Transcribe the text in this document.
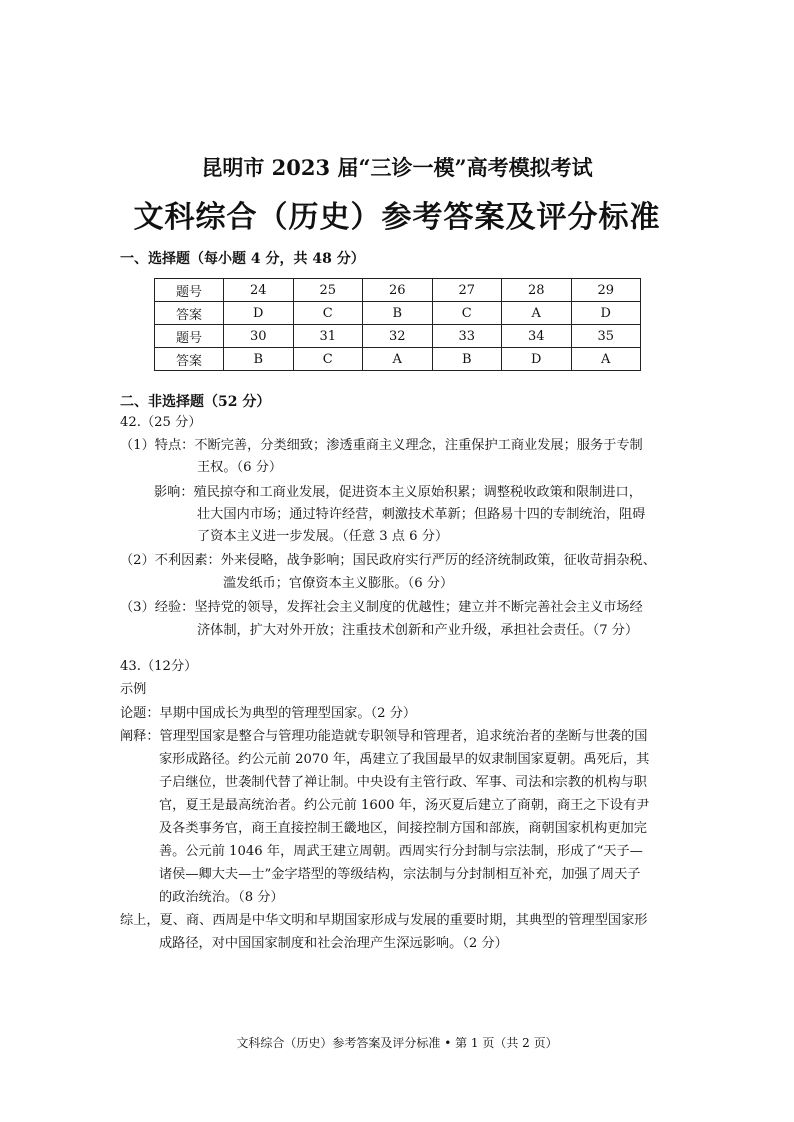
昆明市 2023 届“三诊一模”高考模拟考试
文科综合（历史）参考答案及评分标准
一、选择题（每小题 4 分，共 48 分）
题号	24	25	26	27	28	29
答案	D	C	B	C	A	D
题号	30	31	32	33	34	35
答案	B	C	A	B	D	A
二、非选择题（52 分）
42.（25 分）
（1）特点：不断完善，分类细致；渗透重商主义理念，注重保护工商业发展；服务于专制
王权。（6 分）
影响：殖民掠夺和工商业发展，促进资本主义原始积累；调整税收政策和限制进口，
壮大国内市场；通过特许经营，刺激技术革新；但路易十四的专制统治，阻碍
了资本主义进一步发展。（任意 3 点 6 分）
（2）不利因素：外来侵略，战争影响；国民政府实行严厉的经济统制政策，征收苛捐杂税、
滥发纸币；官僚资本主义膨胀。（6 分）
（3）经验：坚持党的领导，发挥社会主义制度的优越性；建立并不断完善社会主义市场经
济体制，扩大对外开放；注重技术创新和产业升级，承担社会责任。（7 分）
43.（12分）
示例
论题：早期中国成长为典型的管理型国家。（2 分）
阐释：管理型国家是整合与管理功能造就专职领导和管理者，追求统治者的垄断与世袭的国
家形成路径。约公元前 2070 年，禹建立了我国最早的奴隶制国家夏朝。禹死后，其
子启继位，世袭制代替了禅让制。中央设有主管行政、军事、司法和宗教的机构与职
官，夏王是最高统治者。约公元前 1600 年，汤灭夏后建立了商朝，商王之下设有尹
及各类事务官，商王直接控制王畿地区，间接控制方国和部族，商朝国家机构更加完
善。公元前 1046 年，周武王建立周朝。西周实行分封制与宗法制，形成了“天子—
诸侯—卿大夫—士”金字塔型的等级结构，宗法制与分封制相互补充，加强了周天子
的政治统治。（8 分）
综上，夏、商、西周是中华文明和早期国家形成与发展的重要时期，其典型的管理型国家形
成路径，对中国国家制度和社会治理产生深远影响。（2 分）
文科综合（历史）参考答案及评分标准 • 第 1 页（共 2 页）
